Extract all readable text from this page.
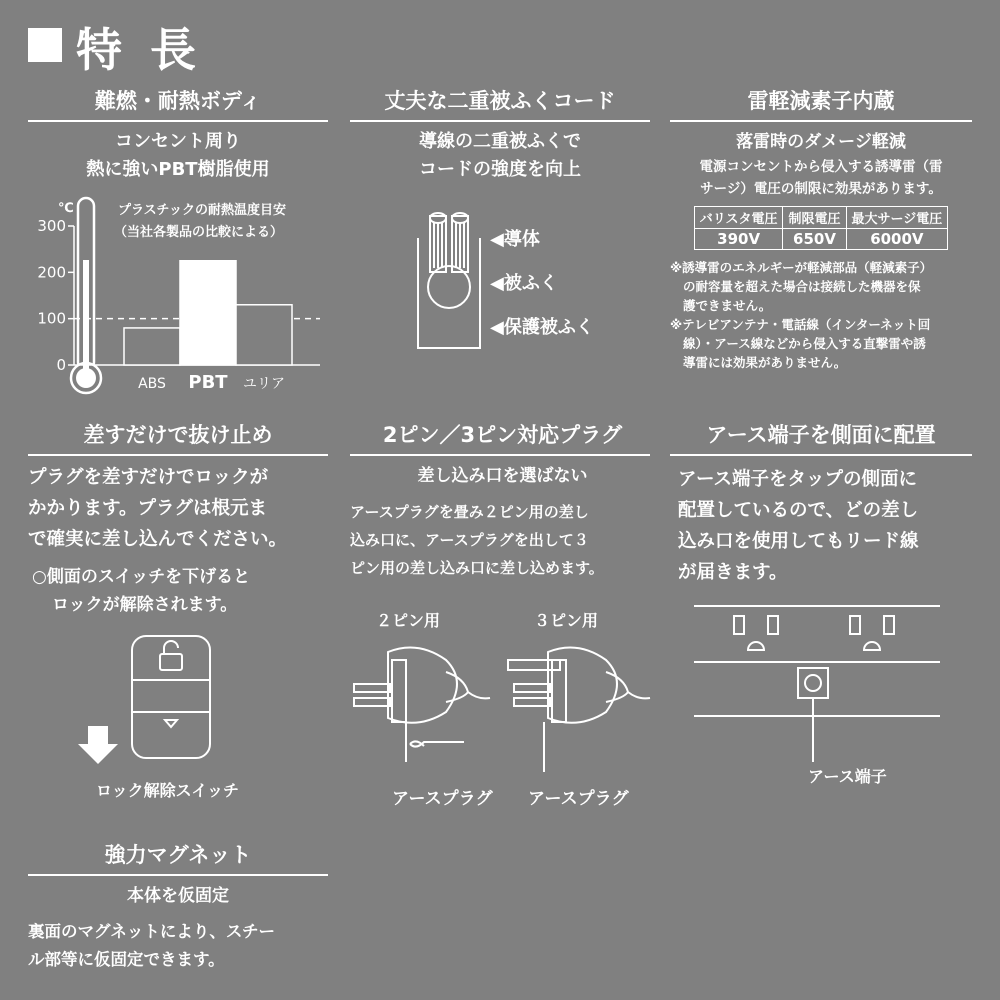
特 長
難燃・耐熱ボディ
コンセント周り
熱に強いPBT樹脂使用
℃
0
100
200
300
ABS PBT ユリア
プラスチックの耐熱温度目安
（当社各製品の比較による）
丈夫な二重被ふくコード
導線の二重被ふくで
コードの強度を向上
◀導体
◀被ふく
◀保護被ふく
雷軽減素子内蔵
落雷時のダメージ軽減
電源コンセントから侵入する誘導雷（雷
サージ）電圧の制限に効果があります。
バリスタ電圧	制限電圧	最大サージ電圧
390V	650V	6000V
※誘導雷のエネルギーが軽減部品（軽減素子）
の耐容量を超えた場合は接続した機器を保
護できません。
※テレビアンテナ・電話線（インターネット回
線）・アース線などから侵入する直撃雷や誘
導雷には効果がありません。
差すだけで抜け止め
プラグを差すだけでロックが
かかります。プラグは根元ま
で確実に差し込んでください。
○側面のスイッチを下げると
ロックが解除されます。
ロック解除スイッチ
2ピン／3ピン対応プラグ
差し込み口を選ばない
アースプラグを畳み２ピン用の差し
込み口に、アースプラグを出して３
ピン用の差し込み口に差し込めます。
２ピン用	３ピン用
アースプラグ アースプラグ
アース端子を側面に配置
アース端子をタップの側面に
配置しているので、どの差し
込み口を使用してもリード線
が届きます。
アース端子
強力マグネット
本体を仮固定
裏面のマグネットにより、スチー
ル部等に仮固定できます。
